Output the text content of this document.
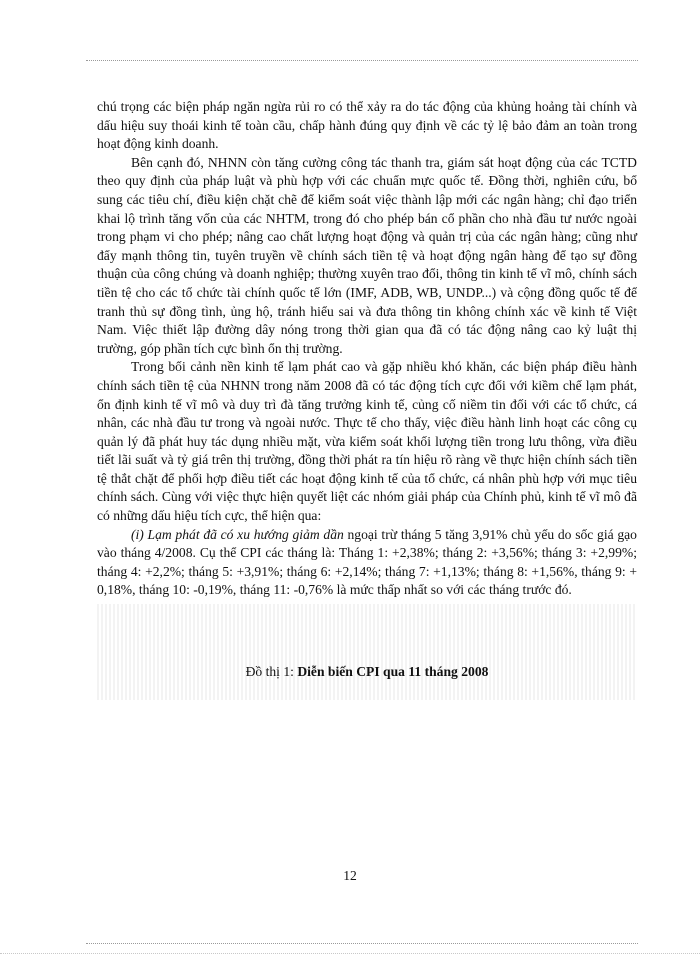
chú trọng các biện pháp ngăn ngừa rủi ro có thể xảy ra do tác động của khủng hoảng tài chính và dấu hiệu suy thoái kinh tế toàn cầu, chấp hành đúng quy định về các tỷ lệ bảo đảm an toàn trong hoạt động kinh doanh.

Bên cạnh đó, NHNN còn tăng cường công tác thanh tra, giám sát hoạt động của các TCTD theo quy định của pháp luật và phù hợp với các chuẩn mực quốc tế. Đồng thời, nghiên cứu, bổ sung các tiêu chí, điều kiện chặt chẽ để kiểm soát việc thành lập mới các ngân hàng; chỉ đạo triển khai lộ trình tăng vốn của các NHTM, trong đó cho phép bán cổ phần cho nhà đầu tư nước ngoài trong phạm vi cho phép; nâng cao chất lượng hoạt động và quản trị của các ngân hàng; cũng như đẩy mạnh thông tin, tuyên truyền về chính sách tiền tệ và hoạt động ngân hàng để tạo sự đồng thuận của công chúng và doanh nghiệp; thường xuyên trao đổi, thông tin kinh tế vĩ mô, chính sách tiền tệ cho các tổ chức tài chính quốc tế lớn (IMF, ADB, WB, UNDP...) và cộng đồng quốc tế để tranh thủ sự đồng tình, ủng hộ, tránh hiểu sai và đưa thông tin không chính xác về kinh tế Việt Nam. Việc thiết lập đường dây nóng trong thời gian qua đã có tác động nâng cao kỷ luật thị trường, góp phần tích cực bình ổn thị trường.

Trong bối cảnh nền kinh tế lạm phát cao và gặp nhiều khó khăn, các biện pháp điều hành chính sách tiền tệ của NHNN trong năm 2008 đã có tác động tích cực đối với kiềm chế lạm phát, ổn định kinh tế vĩ mô và duy trì đà tăng trưởng kinh tế, củng cố niềm tin đối với các tổ chức, cá nhân, các nhà đầu tư trong và ngoài nước. Thực tế cho thấy, việc điều hành linh hoạt các công cụ quản lý đã phát huy tác dụng nhiều mặt, vừa kiểm soát khối lượng tiền trong lưu thông, vừa điều tiết lãi suất và tỷ giá trên thị trường, đồng thời phát ra tín hiệu rõ ràng về thực hiện chính sách tiền tệ thắt chặt để phối hợp điều tiết các hoạt động kinh tế của tổ chức, cá nhân phù hợp với mục tiêu chính sách. Cùng với việc thực hiện quyết liệt các nhóm giải pháp của Chính phủ, kinh tế vĩ mô đã có những dấu hiệu tích cực, thể hiện qua:

(i) Lạm phát đã có xu hướng giảm dần ngoại trừ tháng 5 tăng 3,91% chủ yếu do sốc giá gạo vào tháng 4/2008. Cụ thể CPI các tháng là: Tháng 1: +2,38%; tháng 2: +3,56%; tháng 3: +2,99%; tháng 4: +2,2%; tháng 5: +3,91%; tháng 6: +2,14%; tháng 7: +1,13%; tháng 8: +1,56%, tháng 9: + 0,18%, tháng 10: -0,19%, tháng 11: -0,76% là mức thấp nhất so với các tháng trước đó.

Đồ thị 1: Diễn biến CPI qua 11 tháng 2008
12
